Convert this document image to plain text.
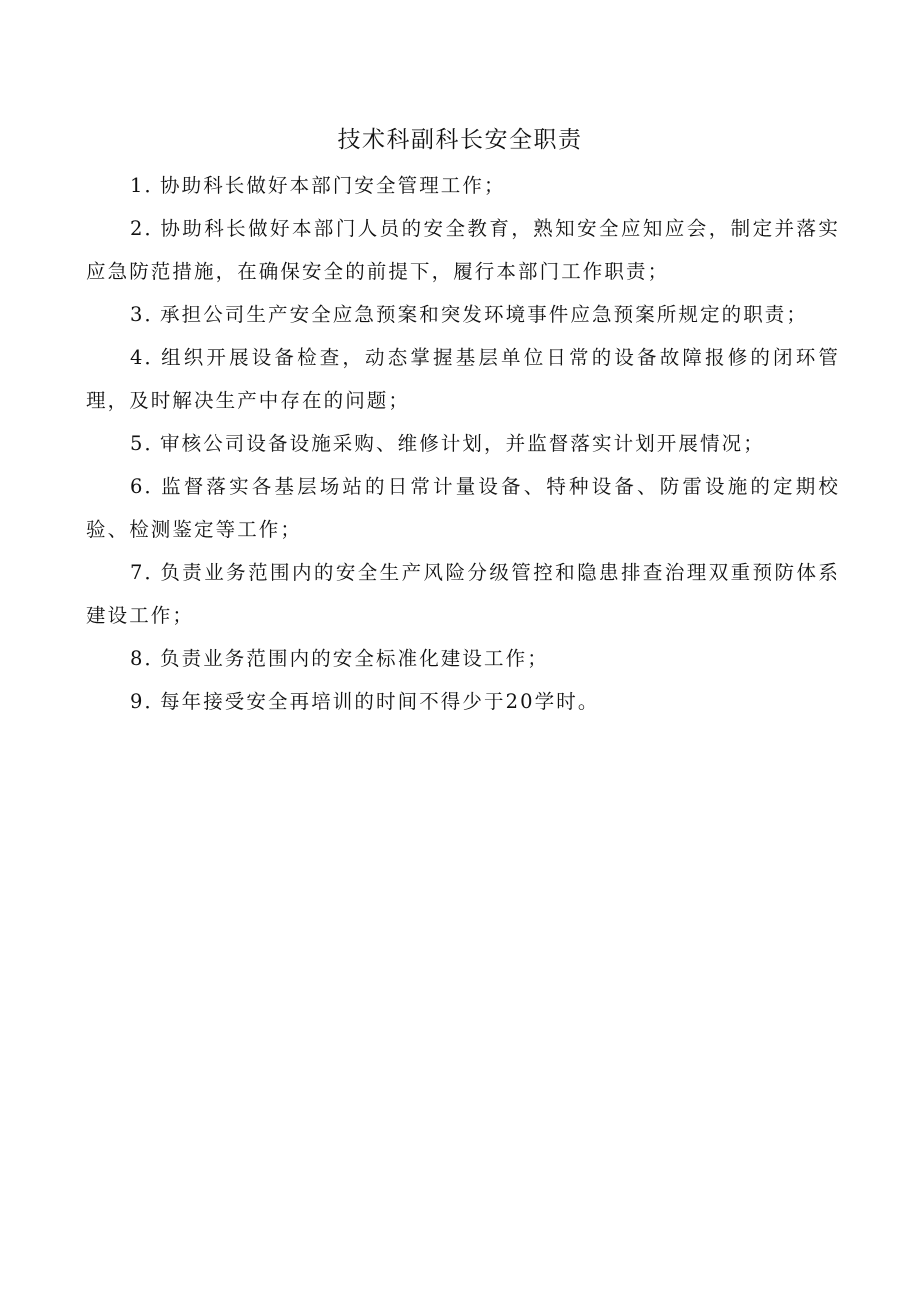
技术科副科长安全职责

1．协助科长做好本部门安全管理工作；

2．协助科长做好本部门人员的安全教育，熟知安全应知应会，制定并落实应急防范措施，在确保安全的前提下，履行本部门工作职责；

3．承担公司生产安全应急预案和突发环境事件应急预案所规定的职责；

4．组织开展设备检查，动态掌握基层单位日常的设备故障报修的闭环管理，及时解决生产中存在的问题；

5．审核公司设备设施采购、维修计划，并监督落实计划开展情况；

6．监督落实各基层场站的日常计量设备、特种设备、防雷设施的定期校验、检测鉴定等工作；

7．负责业务范围内的安全生产风险分级管控和隐患排查治理双重预防体系建设工作；

8．负责业务范围内的安全标准化建设工作；

9．每年接受安全再培训的时间不得少于20学时。
